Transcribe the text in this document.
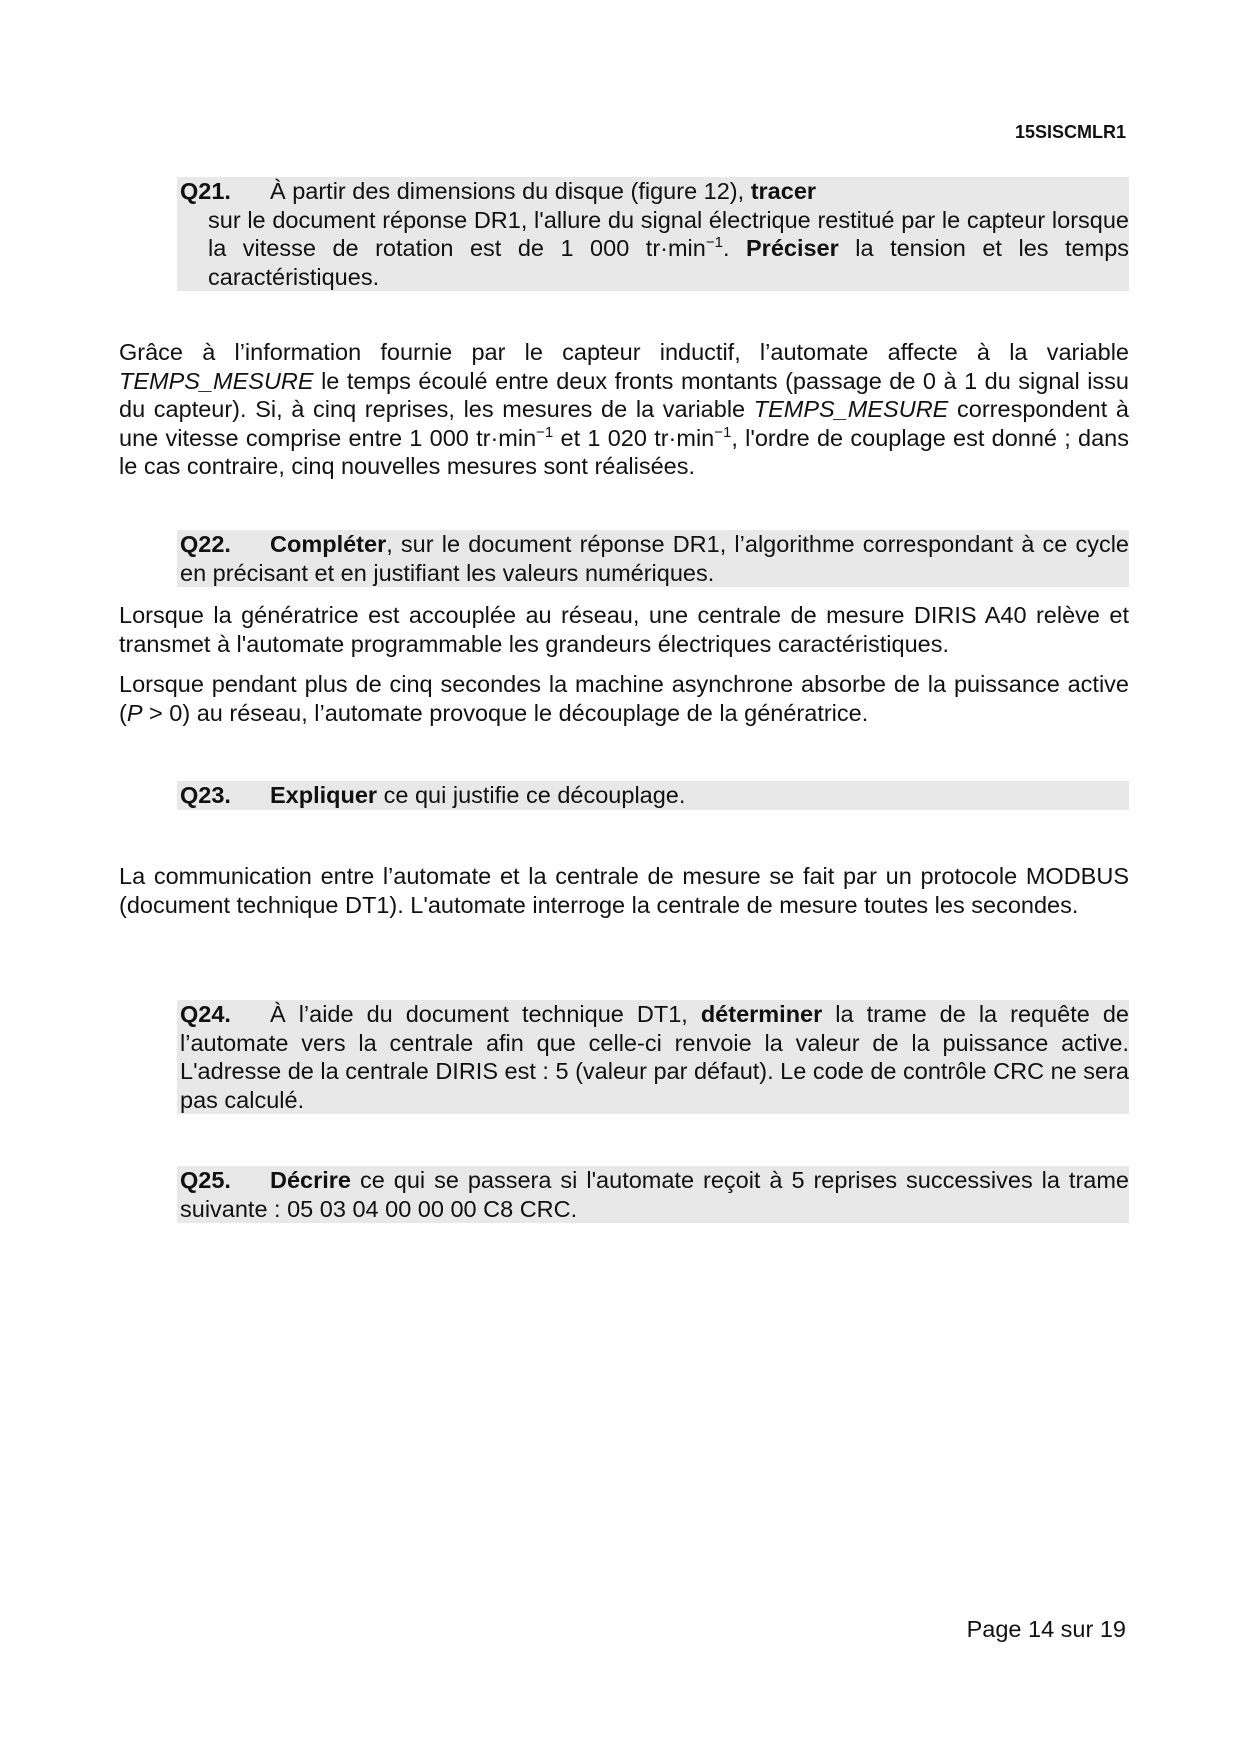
15SISCMLR1
Q21. À partir des dimensions du disque (figure 12), tracer
sur le document réponse DR1, l'allure du signal électrique restitué par le capteur lorsque la vitesse de rotation est de 1 000 $tr\cdot\min^{-1}$. Préciser la tension et les temps caractéristiques.

Grâce à l’information fournie par le capteur inductif, l’automate affecte à la variable TEMPS_MESURE le temps écoulé entre deux fronts montants (passage de 0 à 1 du signal issu du capteur). Si, à cinq reprises, les mesures de la variable TEMPS_MESURE correspondent à une vitesse comprise entre 1 000 $tr\cdot\min^{-1}$ et 1 020 $tr\cdot\min^{-1}$, l'ordre de couplage est donné ; dans le cas contraire, cinq nouvelles mesures sont réalisées.

Q22. Compléter, sur le document réponse DR1, l’algorithme correspondant à ce cycle en précisant et en justifiant les valeurs numériques.

Lorsque la génératrice est accouplée au réseau, une centrale de mesure DIRIS A40 relève et transmet à l'automate programmable les grandeurs électriques caractéristiques.

Lorsque pendant plus de cinq secondes la machine asynchrone absorbe de la puissance active (P > 0) au réseau, l’automate provoque le découplage de la génératrice.

Q23. Expliquer ce qui justifie ce découplage.

La communication entre l’automate et la centrale de mesure se fait par un protocole MODBUS (document technique DT1). L'automate interroge la centrale de mesure toutes les secondes.

Q24. À l’aide du document technique DT1, déterminer la trame de la requête de l’automate vers la centrale afin que celle-ci renvoie la valeur de la puissance active. L'adresse de la centrale DIRIS est : 5 (valeur par défaut). Le code de contrôle CRC ne sera pas calculé.
Q25. Décrire ce qui se passera si l'automate reçoit à 5 reprises successives la trame suivante : 05 03 04 00 00 00 C8 CRC.
Page 14 sur 19
